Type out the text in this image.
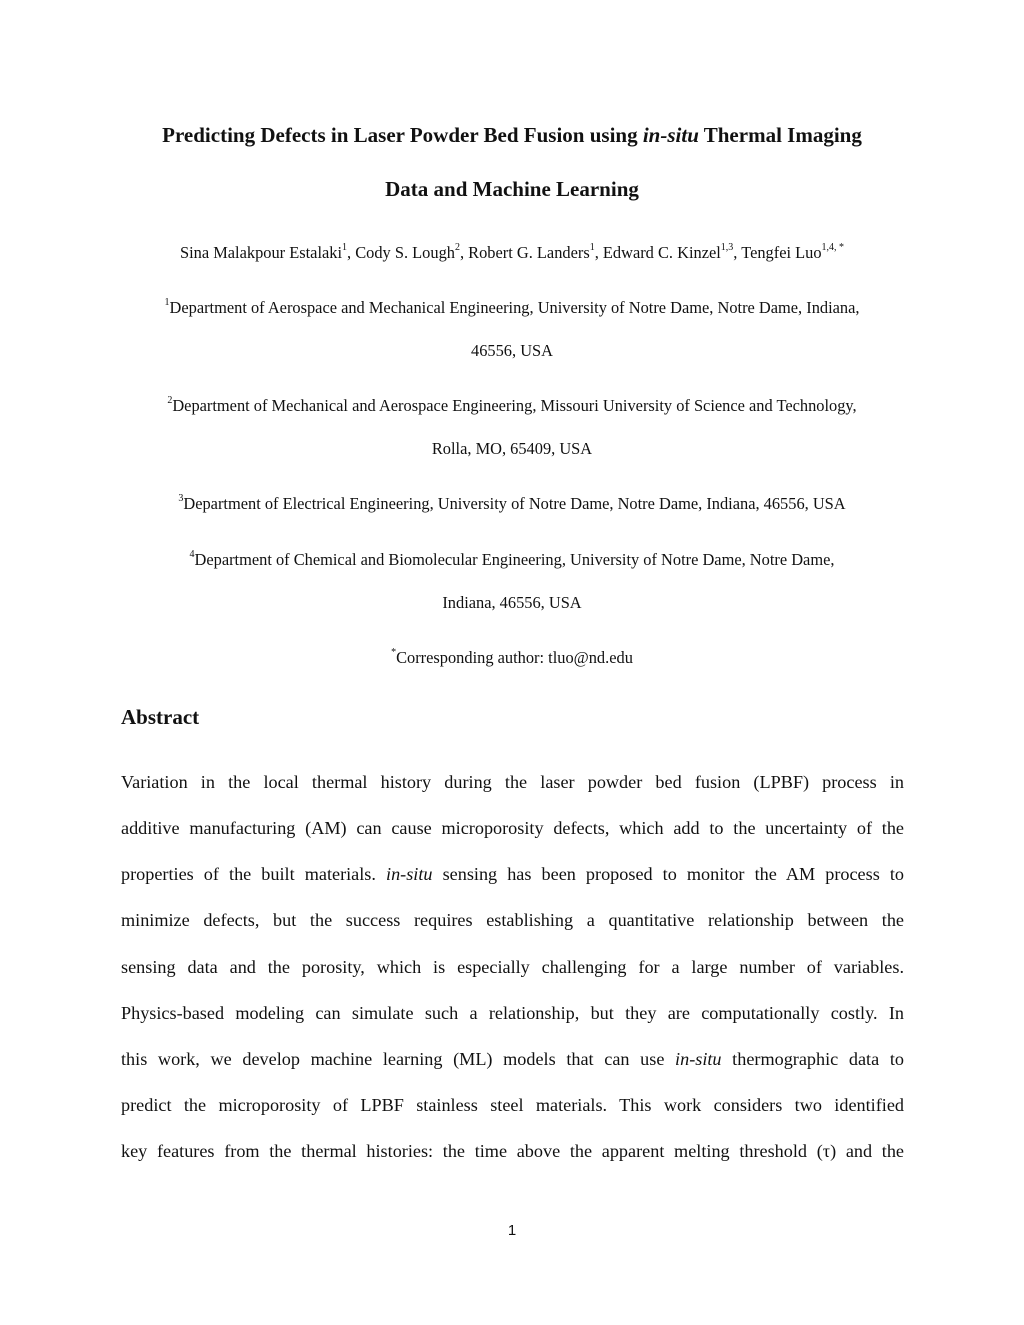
Predicting Defects in Laser Powder Bed Fusion using in-situ Thermal Imaging
Data and Machine Learning
Sina Malakpour Estalaki$^1$, Cody S. Lough$^2$, Robert G. Landers$^1$, Edward C. Kinzel$^{1,3}$, Tengfei Luo$^{1,4, *}$
$^1$Department of Aerospace and Mechanical Engineering, University of Notre Dame, Notre Dame, Indiana,
46556, USA
$^2$Department of Mechanical and Aerospace Engineering, Missouri University of Science and Technology,
Rolla, MO, 65409, USA
$^3$Department of Electrical Engineering, University of Notre Dame, Notre Dame, Indiana, 46556, USA
$^4$Department of Chemical and Biomolecular Engineering, University of Notre Dame, Notre Dame,
Indiana, 46556, USA
*Corresponding author: tluo@nd.edu
Abstract
Variation in the local thermal history during the laser powder bed fusion (LPBF) process in
additive manufacturing (AM) can cause microporosity defects, which add to the uncertainty of the
properties of the built materials. in-situ sensing has been proposed to monitor the AM process to
minimize defects, but the success requires establishing a quantitative relationship between the
sensing data and the porosity, which is especially challenging for a large number of variables.
Physics-based modeling can simulate such a relationship, but they are computationally costly. In
this work, we develop machine learning (ML) models that can use in-situ thermographic data to
predict the microporosity of LPBF stainless steel materials. This work considers two identified
key features from the thermal histories: the time above the apparent melting threshold (τ) and the
1
